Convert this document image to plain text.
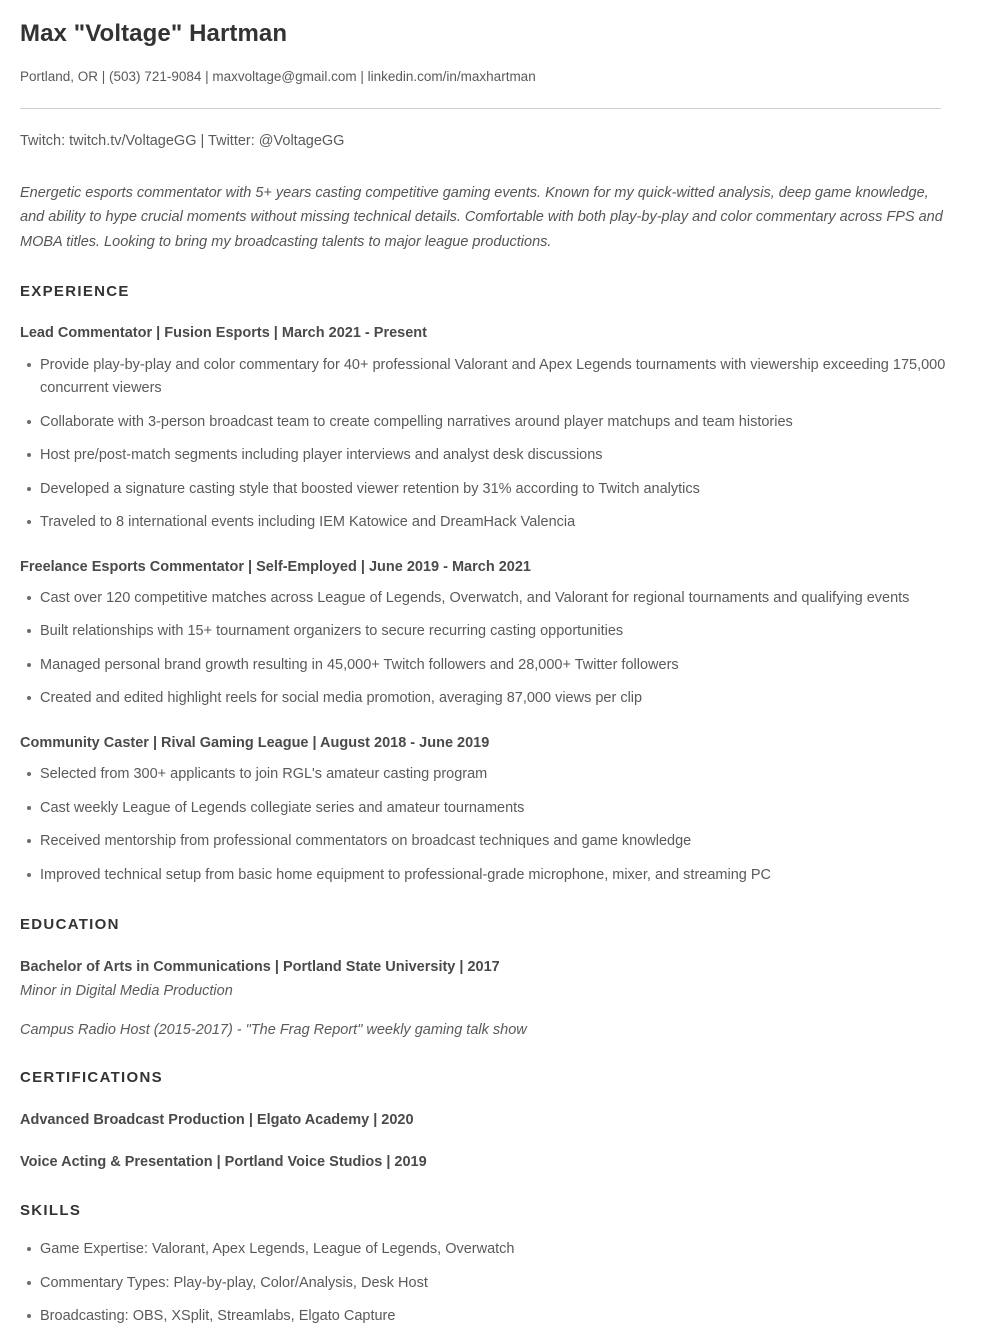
Max "Voltage" Hartman

Portland, OR | (503) 721-9084 | maxvoltage@gmail.com | linkedin.com/in/maxhartman

Twitch: twitch.tv/VoltageGG | Twitter: @VoltageGG

Energetic esports commentator with 5+ years casting competitive gaming events. Known for my quick-witted analysis, deep game knowledge, and ability to hype crucial moments without missing technical details. Comfortable with both play-by-play and color commentary across FPS and MOBA titles. Looking to bring my broadcasting talents to major league productions.

EXPERIENCE
Lead Commentator | Fusion Esports | March 2021 - Present
Provide play-by-play and color commentary for 40+ professional Valorant and Apex Legends tournaments with viewership exceeding 175,000 concurrent viewers
Collaborate with 3-person broadcast team to create compelling narratives around player matchups and team histories
Host pre/post-match segments including player interviews and analyst desk discussions
Developed a signature casting style that boosted viewer retention by 31% according to Twitch analytics
Traveled to 8 international events including IEM Katowice and DreamHack Valencia
Freelance Esports Commentator | Self-Employed | June 2019 - March 2021
Cast over 120 competitive matches across League of Legends, Overwatch, and Valorant for regional tournaments and qualifying events
Built relationships with 15+ tournament organizers to secure recurring casting opportunities
Managed personal brand growth resulting in 45,000+ Twitch followers and 28,000+ Twitter followers
Created and edited highlight reels for social media promotion, averaging 87,000 views per clip
Community Caster | Rival Gaming League | August 2018 - June 2019
Selected from 300+ applicants to join RGL's amateur casting program
Cast weekly League of Legends collegiate series and amateur tournaments
Received mentorship from professional commentators on broadcast techniques and game knowledge
Improved technical setup from basic home equipment to professional-grade microphone, mixer, and streaming PC
EDUCATION
Bachelor of Arts in Communications | Portland State University | 2017

Minor in Digital Media Production

Campus Radio Host (2015-2017) - "The Frag Report" weekly gaming talk show

CERTIFICATIONS

Advanced Broadcast Production | Elgato Academy | 2020

Voice Acting & Presentation | Portland Voice Studios | 2019

SKILLS
Game Expertise: Valorant, Apex Legends, League of Legends, Overwatch
Commentary Types: Play-by-play, Color/Analysis, Desk Host
Broadcasting: OBS, XSplit, Streamlabs, Elgato Capture
